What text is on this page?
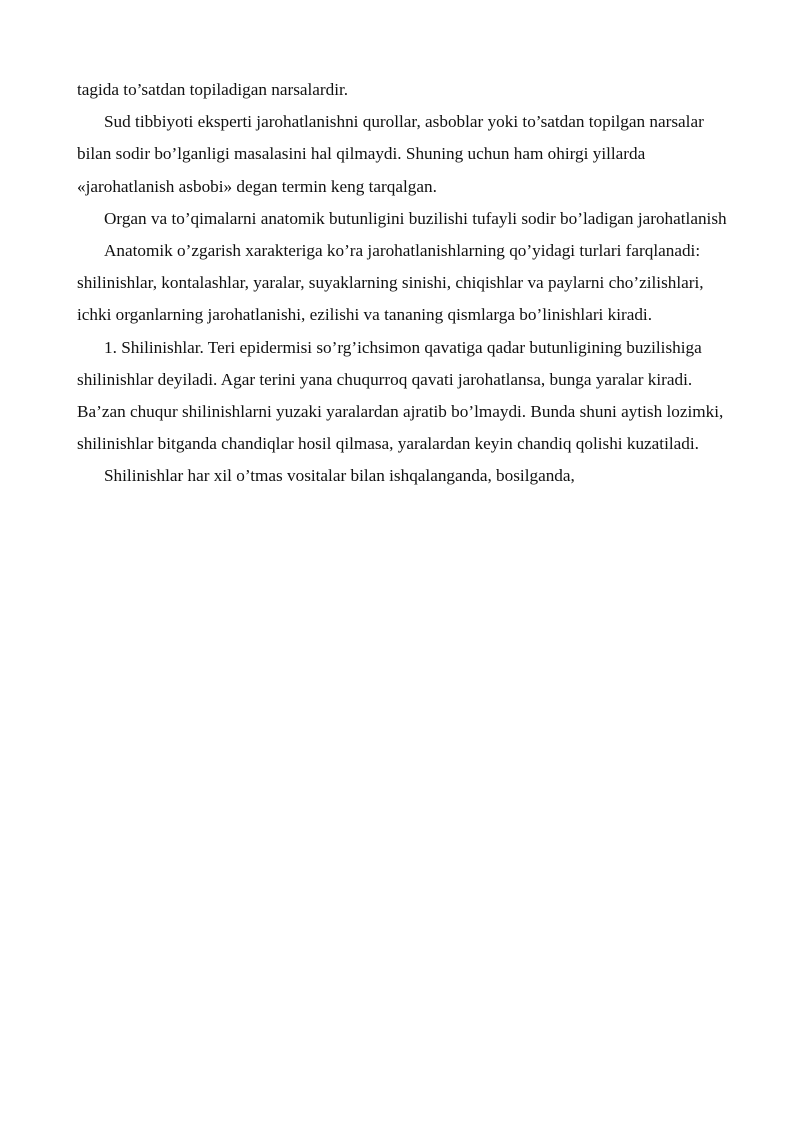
tagida to’satdan topiladigan narsalardir.

Sud tibbiyoti eksperti jarohatlanishni qurollar, asboblar yoki to’satdan topilgan narsalar bilan sodir bo’lganligi masalasini hal qilmaydi. Shuning uchun ham ohirgi yillarda «jarohatlanish asbobi» degan termin keng tarqalgan.

Organ va to’qimalarni anatomik butunligini buzilishi tufayli sodir bo’ladigan jarohatlanish

Anatomik o’zgarish xarakteriga ko’ra jarohatlanishlarning qo’yidagi turlari farqlanadi: shilinishlar, kontalashlar, yaralar, suyaklarning sinishi, chiqishlar va paylarni cho’zilishlari, ichki organlarning jarohatlanishi, ezilishi va tananing qismlarga bo’linishlari kiradi.

1. Shilinishlar. Teri epidermisi so’rg’ichsimon qavatiga qadar butunligining buzilishiga shilinishlar deyiladi. Agar terini yana chuqurroq qavati jarohatlansa, bunga yaralar kiradi. Ba’zan chuqur shilinishlarni yuzaki yaralardan ajratib bo’lmaydi. Bunda shuni aytish lozimki, shilinishlar bitganda chandiqlar hosil qilmasa, yaralardan keyin chandiq qolishi kuzatiladi.

Shilinishlar har xil o’tmas vositalar bilan ishqalanganda, bosilganda,
